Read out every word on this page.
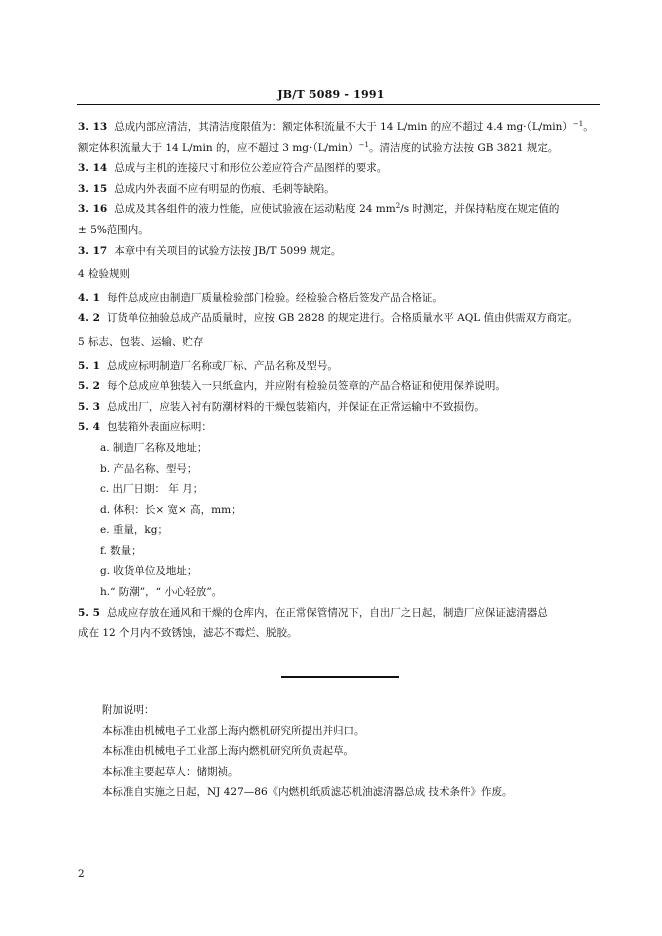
JB/T 5089 - 1991
3. 13 总成内部应清洁，其清洁度限值为：额定体积流量不大于 14 L/min 的应不超过 4.4 $mg\cdot(L/\min)^{-1}$。
额定体积流量大于 14 L/min 的，应不超过 3 $mg\cdot(L/\min)^{-1}$。清洁度的试验方法按 GB 3821 规定。
3. 14 总成与主机的连接尺寸和形位公差应符合产品图样的要求。
3. 15 总成内外表面不应有明显的伤痕、毛刺等缺陷。
3. 16 总成及其各组件的液力性能，应使试验液在运动粘度 24 $mm^2/s$ 时测定，并保持粘度在规定值的
± 5%范围内。
3. 17 本章中有关项目的试验方法按 JB/T 5099 规定。
4 检验规则
4. 1 每件总成应由制造厂质量检验部门检验。经检验合格后签发产品合格证。
4. 2 订货单位抽验总成产品质量时，应按 GB 2828 的规定进行。合格质量水平 AQL 值由供需双方商定。
5 标志、包装、运输、贮存
5. 1 总成应标明制造厂名称或厂标、产品名称及型号。
5. 2 每个总成应单独装入一只纸盒内，并应附有检验员签章的产品合格证和使用保养说明。
5. 3 总成出厂，应装入衬有防潮材料的干燥包装箱内，并保证在正常运输中不致损伤。
5. 4 包装箱外表面应标明：
a. 制造厂名称及地址；
b. 产品名称、型号；
c. 出厂日期： 年 月；
d. 体积：长× 宽× 高，mm；
e. 重量，kg；
f. 数量；
g. 收货单位及地址；
h.“ 防潮”，“ 小心轻放”。
5. 5 总成应存放在通风和干燥的仓库内，在正常保管情况下，自出厂之日起，制造厂应保证滤清器总
成在 12 个月内不致锈蚀，滤芯不霉烂、脱胶。
附加说明：
本标准由机械电子工业部上海内燃机研究所提出并归口。
本标准由机械电子工业部上海内燃机研究所负责起草。
本标准主要起草人：储期祯。
本标准自实施之日起，NJ 427—86《内燃机纸质滤芯机油滤清器总成 技术条件》作废。
2
